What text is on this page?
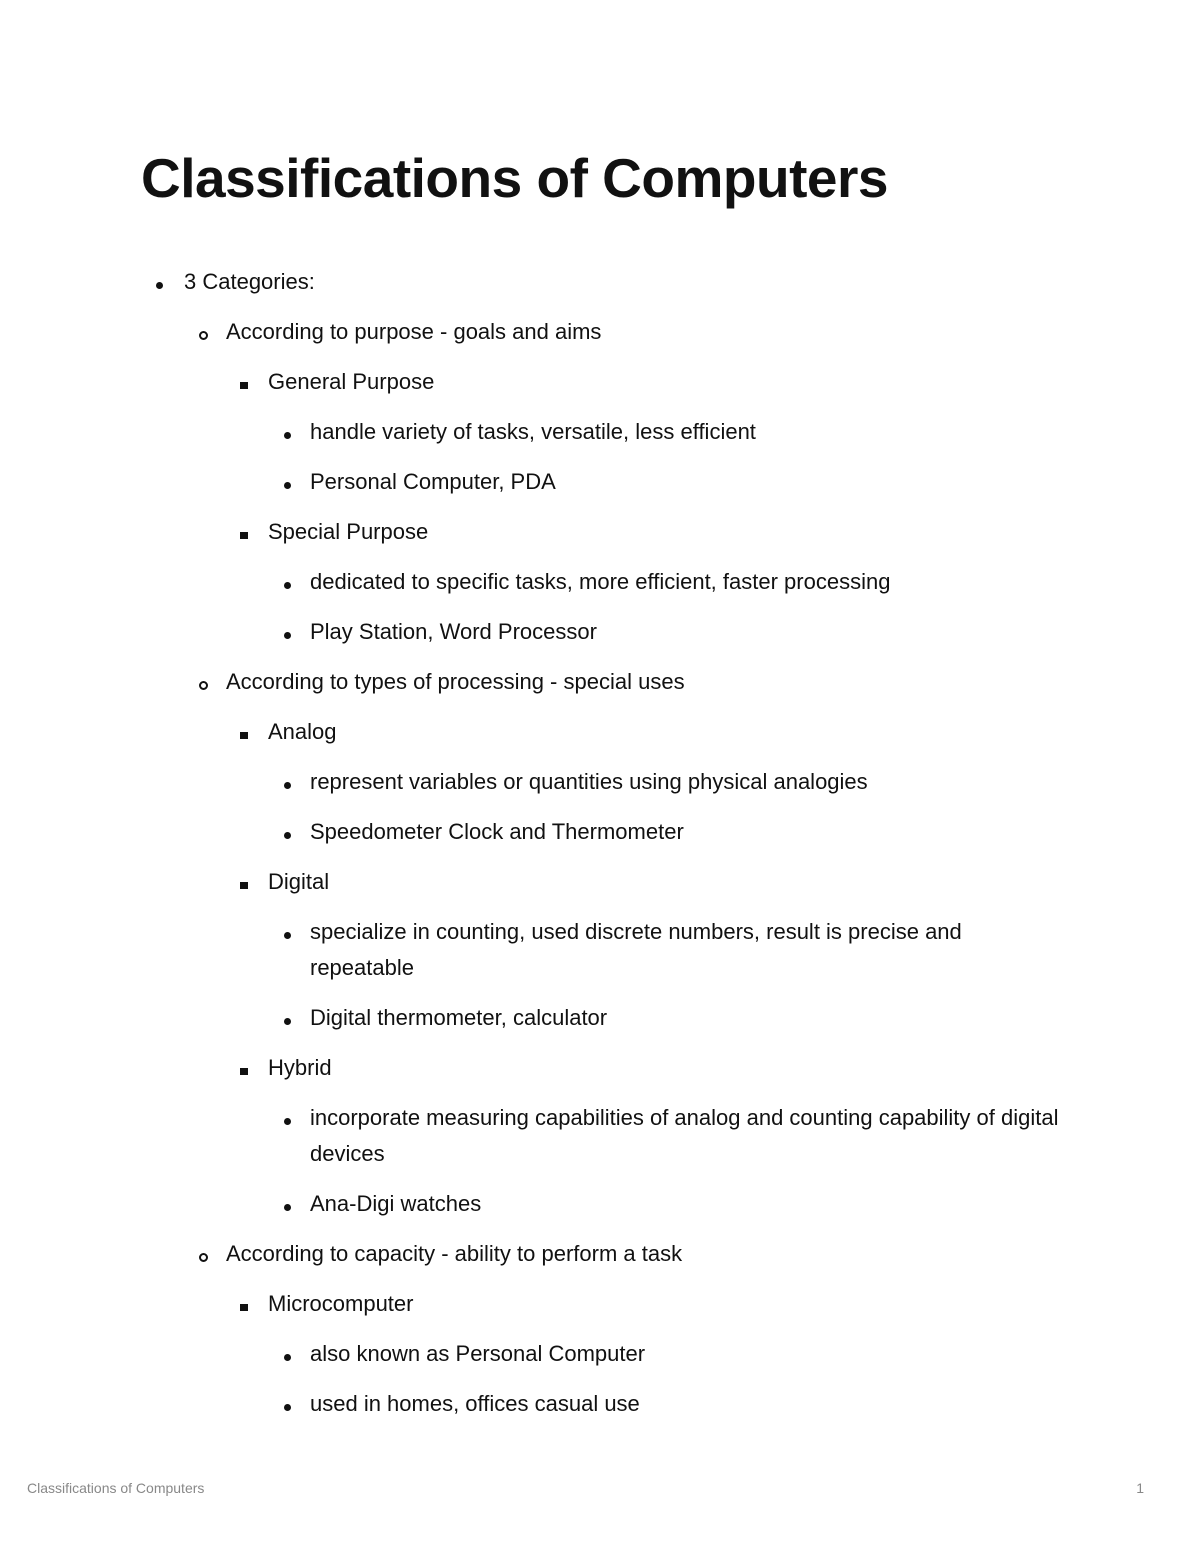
Classifications of Computers
3 Categories:
According to purpose - goals and aims
General Purpose
handle variety of tasks, versatile, less efficient
Personal Computer, PDA
Special Purpose
dedicated to specific tasks, more efficient, faster processing
Play Station, Word Processor
According to types of processing - special uses
Analog
represent variables or quantities using physical analogies
Speedometer Clock and Thermometer
Digital
specialize in counting, used discrete numbers, result is precise and repeatable
Digital thermometer, calculator
Hybrid
incorporate measuring capabilities of analog and counting capability of digital devices
Ana-Digi watches
According to capacity - ability to perform a task
Microcomputer
also known as Personal Computer
used in homes, offices casual use
Classifications of Computers	1
